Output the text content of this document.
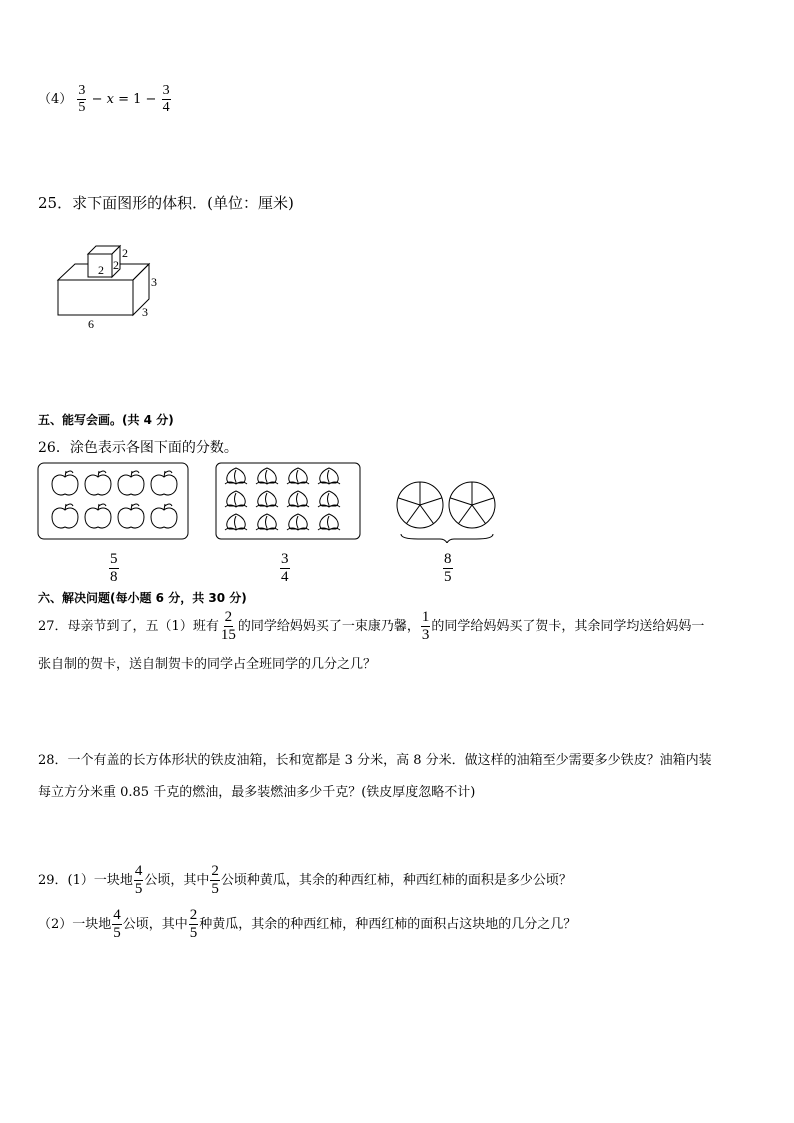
$(4) \frac{3}{5} - x = 1 - \frac{3}{4}$
25．求下面图形的体积．(单位：厘米)
2 2
2
3
3
6
五、能写会画。(共 4 分)
26．涂色表示各图下面的分数。
$\frac{5}{8}$	$\frac{3}{4}$	$\frac{8}{5}$
六、解决问题(每小题 6 分，共 30 分)
27．母亲节到了，五（1）班有 $\frac{2}{15}$ 的同学给妈妈买了一束康乃馨， $\frac{1}{3}$ 的同学给妈妈买了贺卡，其余同学均送给妈妈一
张自制的贺卡，送自制贺卡的同学占全班同学的几分之几？
28．一个有盖的长方体形状的铁皮油箱，长和宽都是 3 分米，高 8 分米．做这样的油箱至少需要多少铁皮？油箱内装
每立方分米重 0.85 千克的燃油，最多装燃油多少千克？(铁皮厚度忽略不计)
29．(1）一块地 $\frac{4}{5}$ 公顷，其中 $\frac{2}{5}$ 公顷种黄瓜，其余的种西红柿，种西红柿的面积是多少公顷？
（2）一块地 $\frac{4}{5}$ 公顷，其中 $\frac{2}{5}$ 种黄瓜，其余的种西红柿，种西红柿的面积占这块地的几分之几？
